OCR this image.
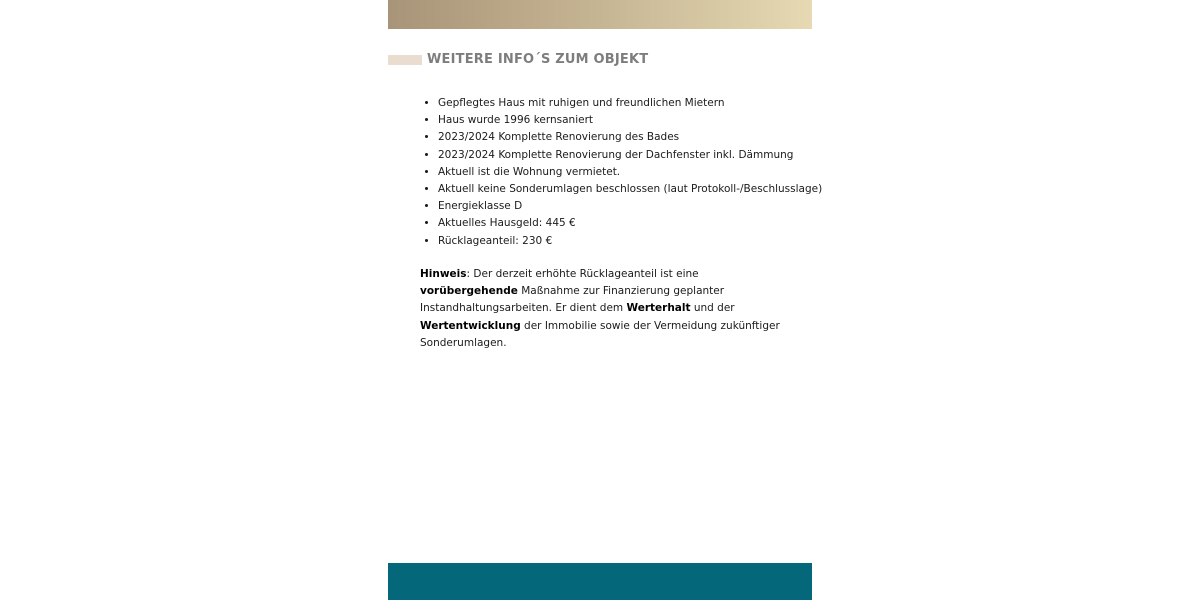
WEITERE INFO´S ZUM OBJEKT
• Gepflegtes Haus mit ruhigen und freundlichen Mietern
• Haus wurde 1996 kernsaniert
• 2023/2024 Komplette Renovierung des Bades
• 2023/2024 Komplette Renovierung der Dachfenster inkl. Dämmung
• Aktuell ist die Wohnung vermietet.
• Aktuell keine Sonderumlagen beschlossen (laut Protokoll-/Beschlusslage)
• Energieklasse D
• Aktuelles Hausgeld: 445 €
• Rücklageanteil: 230 €

Hinweis: Der derzeit erhöhte Rücklageanteil ist eine vorübergehende Maßnahme zur Finanzierung geplanter Instandhaltungsarbeiten. Er dient dem Werterhalt und der Wertentwicklung der Immobilie sowie der Vermeidung zukünftiger Sonderumlagen.
